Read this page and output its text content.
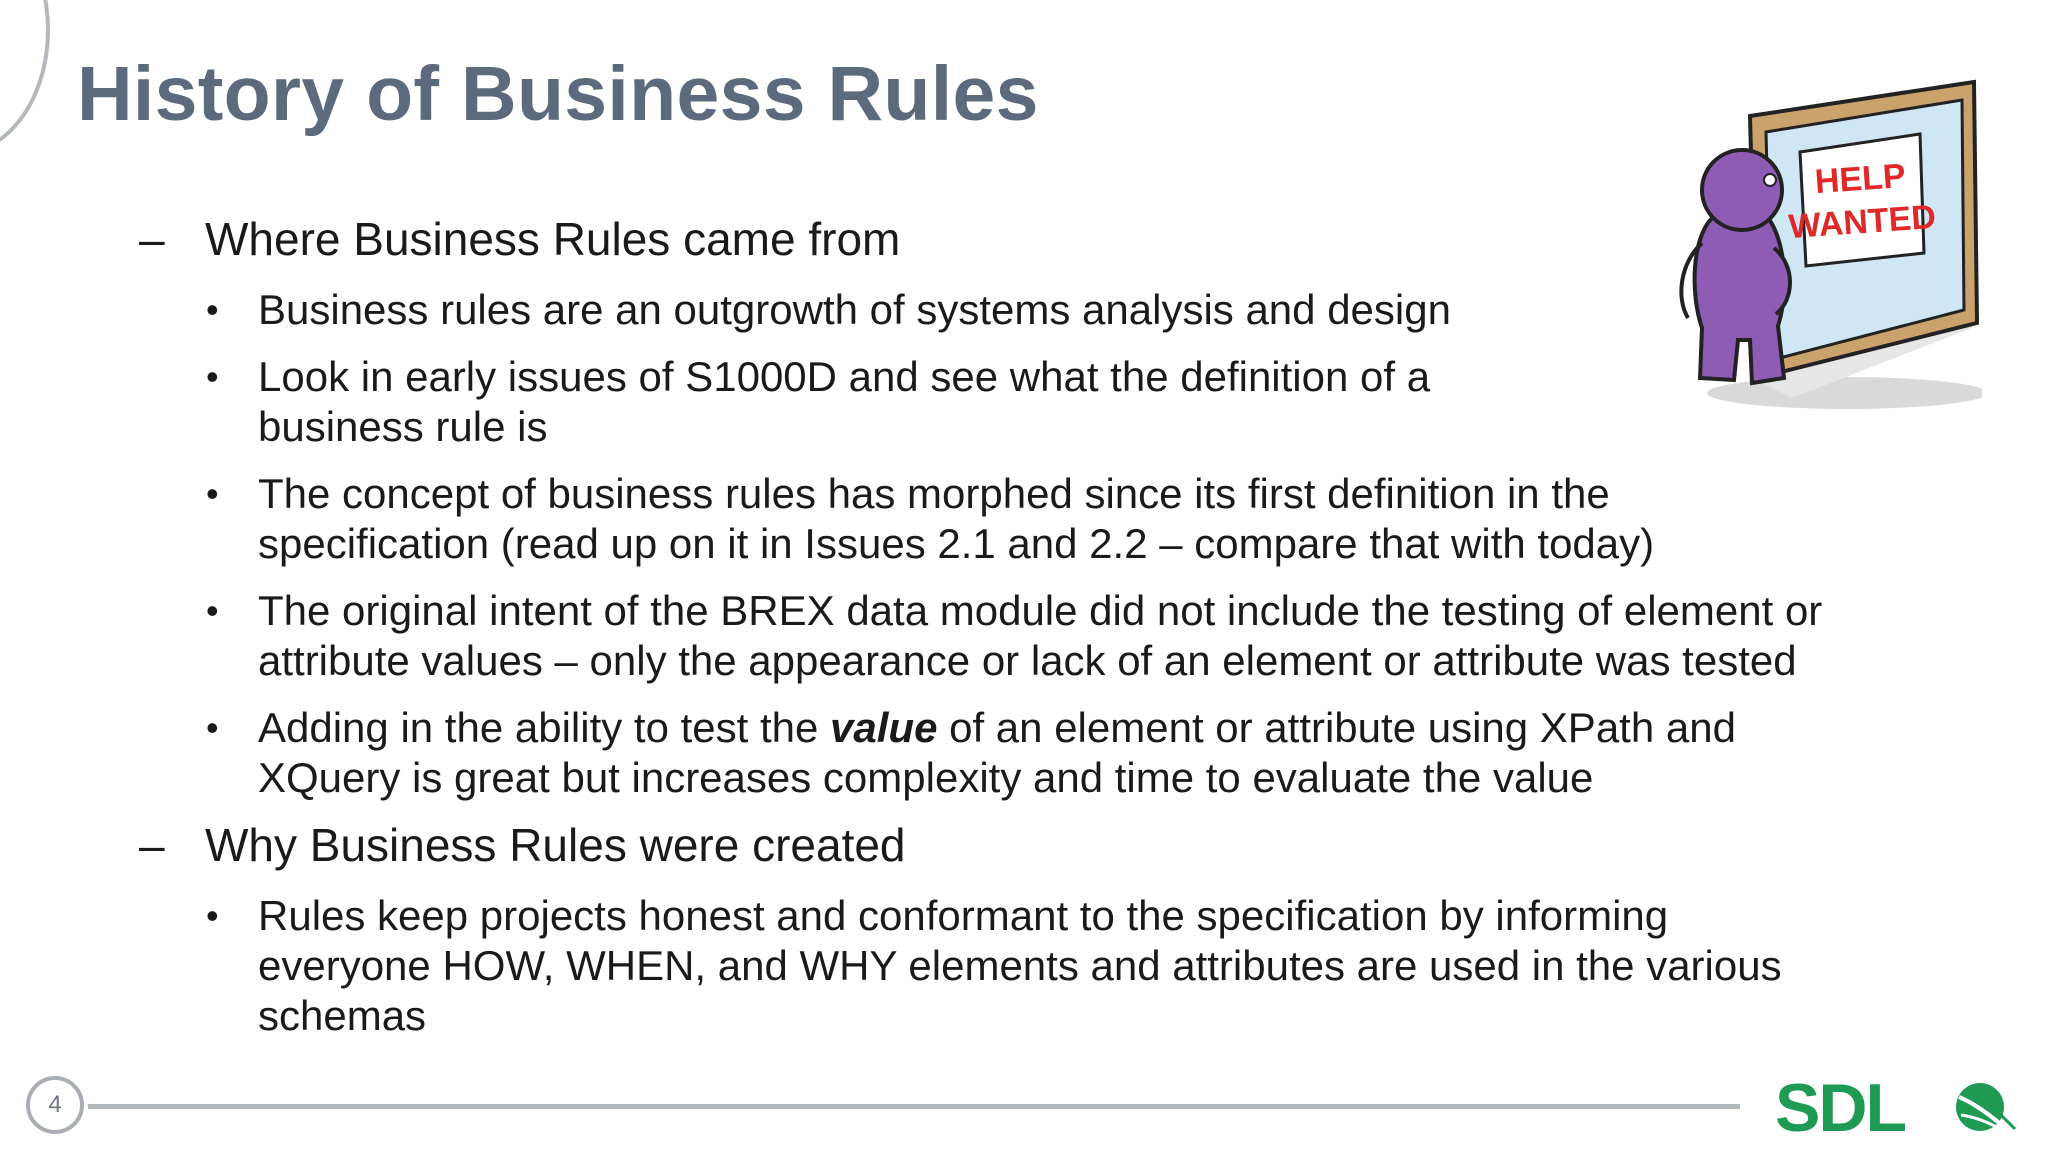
History of Business Rules
– Where Business Rules came from
• Business rules are an outgrowth of systems analysis and design
• Look in early issues of S1000D and see what the definition of a
business rule is
• The concept of business rules has morphed since its first definition in the
specification (read up on it in Issues 2.1 and 2.2 – compare that with today)
• The original intent of the BREX data module did not include the testing of element or
attribute values – only the appearance or lack of an element or attribute was tested
• Adding in the ability to test the value of an element or attribute using XPath and
XQuery is great but increases complexity and time to evaluate the value
– Why Business Rules were created
• Rules keep projects honest and conformant to the specification by informing
everyone HOW, WHEN, and WHY elements and attributes are used in the various
schemas
HELP
WANTED
4	SDL
